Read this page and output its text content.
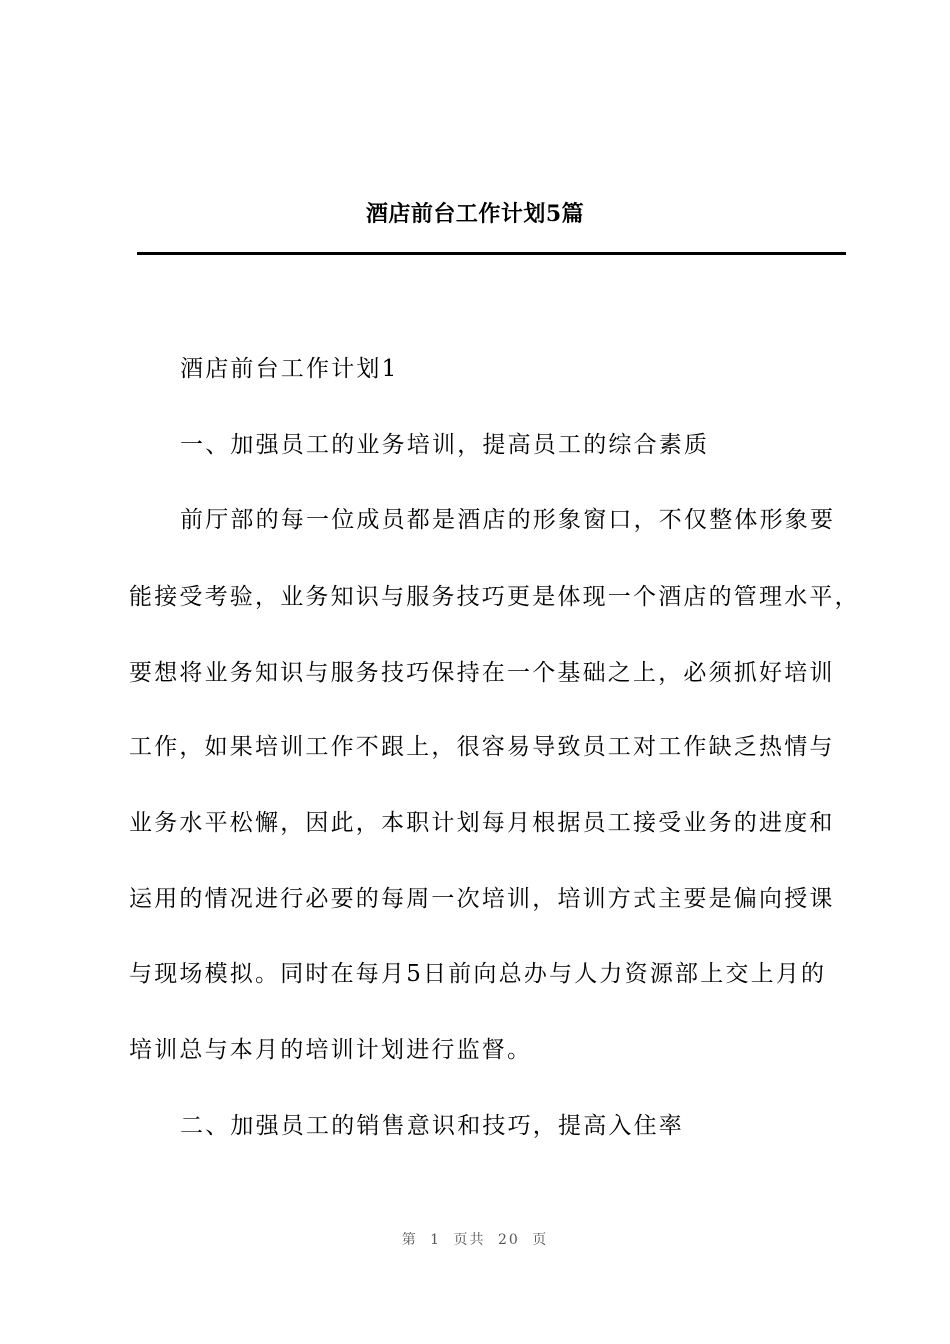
酒店前台工作计划5篇
酒店前台工作计划1
一、加强员工的业务培训，提高员工的综合素质
前厅部的每一位成员都是酒店的形象窗口，不仅整体形象要
能接受考验，业务知识与服务技巧更是体现一个酒店的管理水平，
要想将业务知识与服务技巧保持在一个基础之上，必须抓好培训
工作，如果培训工作不跟上，很容易导致员工对工作缺乏热情与
业务水平松懈，因此，本职计划每月根据员工接受业务的进度和
运用的情况进行必要的每周一次培训，培训方式主要是偏向授课
与现场模拟。同时在每月5日前向总办与人力资源部上交上月的
培训总与本月的培训计划进行监督。
二、加强员工的销售意识和技巧，提高入住率
第 1 页共 20 页
